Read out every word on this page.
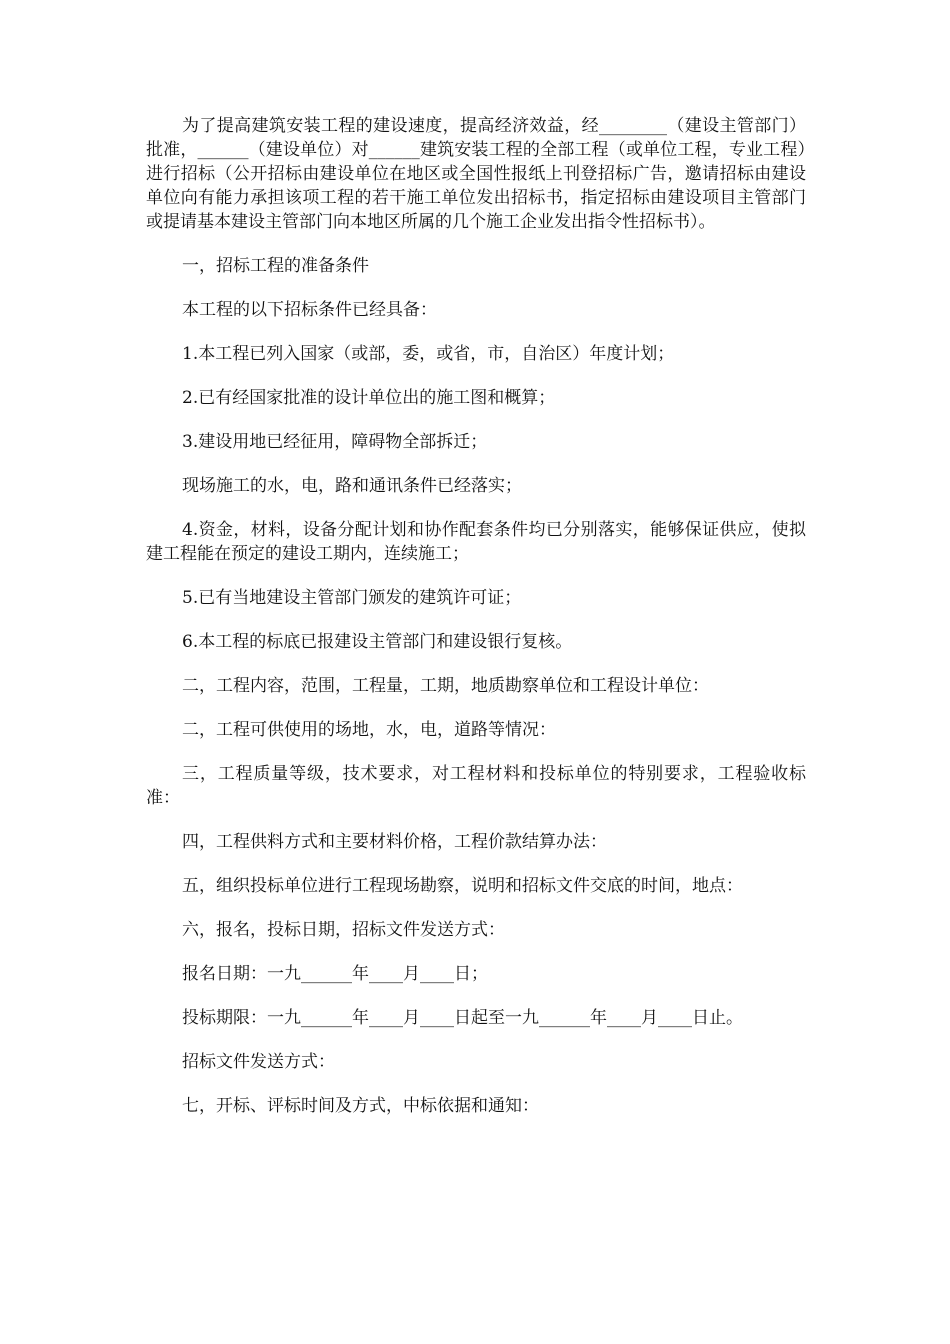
为了提高建筑安装工程的建设速度，提高经济效益，经________（建设主管部门）批准，______（建设单位）对______建筑安装工程的全部工程（或单位工程，专业工程）进行招标（公开招标由建设单位在地区或全国性报纸上刊登招标广告，邀请招标由建设单位向有能力承担该项工程的若干施工单位发出招标书，指定招标由建设项目主管部门或提请基本建设主管部门向本地区所属的几个施工企业发出指令性招标书）。

一，招标工程的准备条件

本工程的以下招标条件已经具备：

1.本工程已列入国家（或部，委，或省，市，自治区）年度计划；

2.已有经国家批准的设计单位出的施工图和概算；

3.建设用地已经征用，障碍物全部拆迁；

现场施工的水，电，路和通讯条件已经落实；

4.资金，材料，设备分配计划和协作配套条件均已分别落实，能够保证供应，使拟建工程能在预定的建设工期内，连续施工；

5.已有当地建设主管部门颁发的建筑许可证；

6.本工程的标底已报建设主管部门和建设银行复核。

二，工程内容，范围，工程量，工期，地质勘察单位和工程设计单位：

二，工程可供使用的场地，水，电，道路等情况：

三，工程质量等级，技术要求，对工程材料和投标单位的特别要求，工程验收标准：

四，工程供料方式和主要材料价格，工程价款结算办法：

五，组织投标单位进行工程现场勘察，说明和招标文件交底的时间，地点：

六，报名，投标日期，招标文件发送方式：

报名日期：一九______年____月____日；

投标期限：一九______年____月____日起至一九______年____月____日止。

招标文件发送方式：

七，开标、评标时间及方式，中标依据和通知：
